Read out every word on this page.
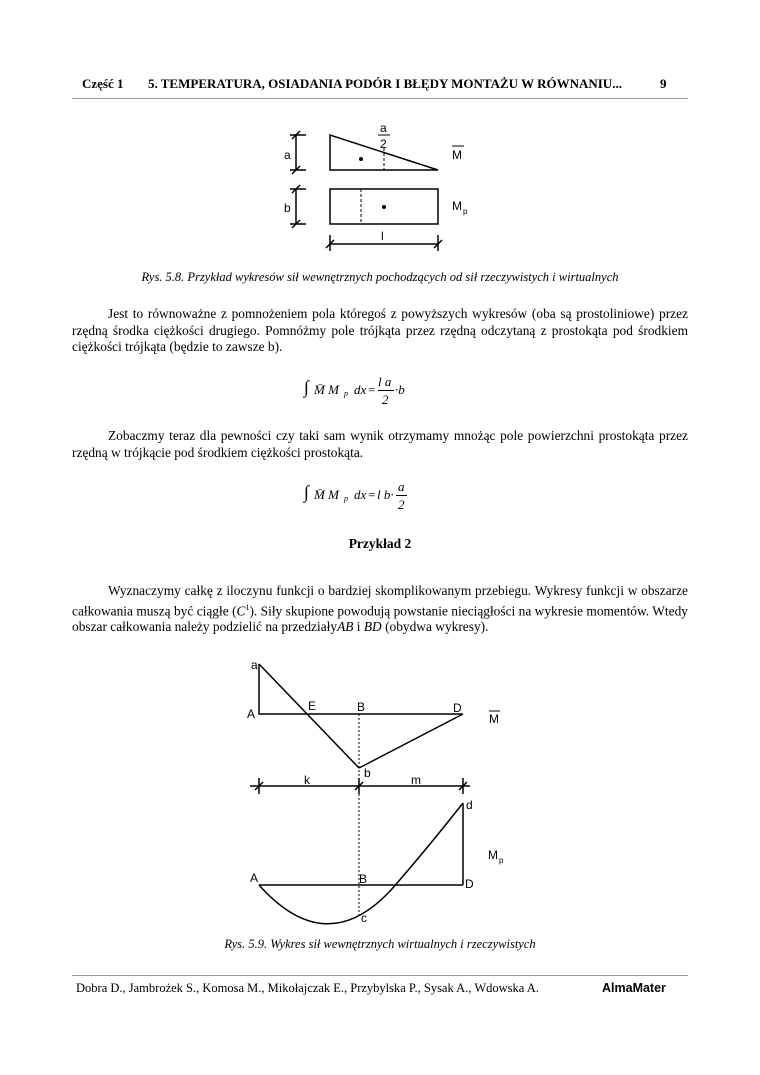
Część 1 5. TEMPERATURA, OSIADANIA PODÓR I BŁĘDY MONTAŻU W RÓWNANIU...	9
a
b
l
a
2
M
M p
Rys. 5.8. Przykład wykresów sił wewnętrznych pochodzących od sił rzeczywistych i wirtualnych
Jest to równoważne z pomnożeniem pola któregoś z powyższych wykresów (oba są prostoliniowe) przez rzędną środka ciężkości drugiego. Pomnóżmy pole trójkąta przez rzędną odczytaną z prostokąta pod środkiem ciężkości trójkąta (będzie to zawsze b).
∫ M̄ M p dx =
l a
2
·b
Zobaczmy teraz dla pewności czy taki sam wynik otrzymamy mnożąc pole powierzchni prostokąta przez rzędną w trójkącie pod środkiem ciężkości prostokąta.
∫ M̄ M p dx = l b·
a
2
Przykład 2
Wyznaczymy całkę z iloczynu funkcji o bardziej skomplikowanym przebiegu. Wykresy funkcji w obszarze całkowania muszą być ciągłe $(C^1)$. Siły skupione powodują powstanie nieciągłości na wykresie momentów. Wtedy obszar całkowania należy podzielić na przedziałyAB i BD (obydwa wykresy).
a
A
E	B	D
b
M
k	m
d
M p
A	B	D
c
Rys. 5.9. Wykres sił wewnętrznych wirtualnych i rzeczywistych
Dobra D., Jambrożek S., Komosa M., Mikołajczak E., Przybylska P., Sysak A., Wdowska A.	AlmaMater
